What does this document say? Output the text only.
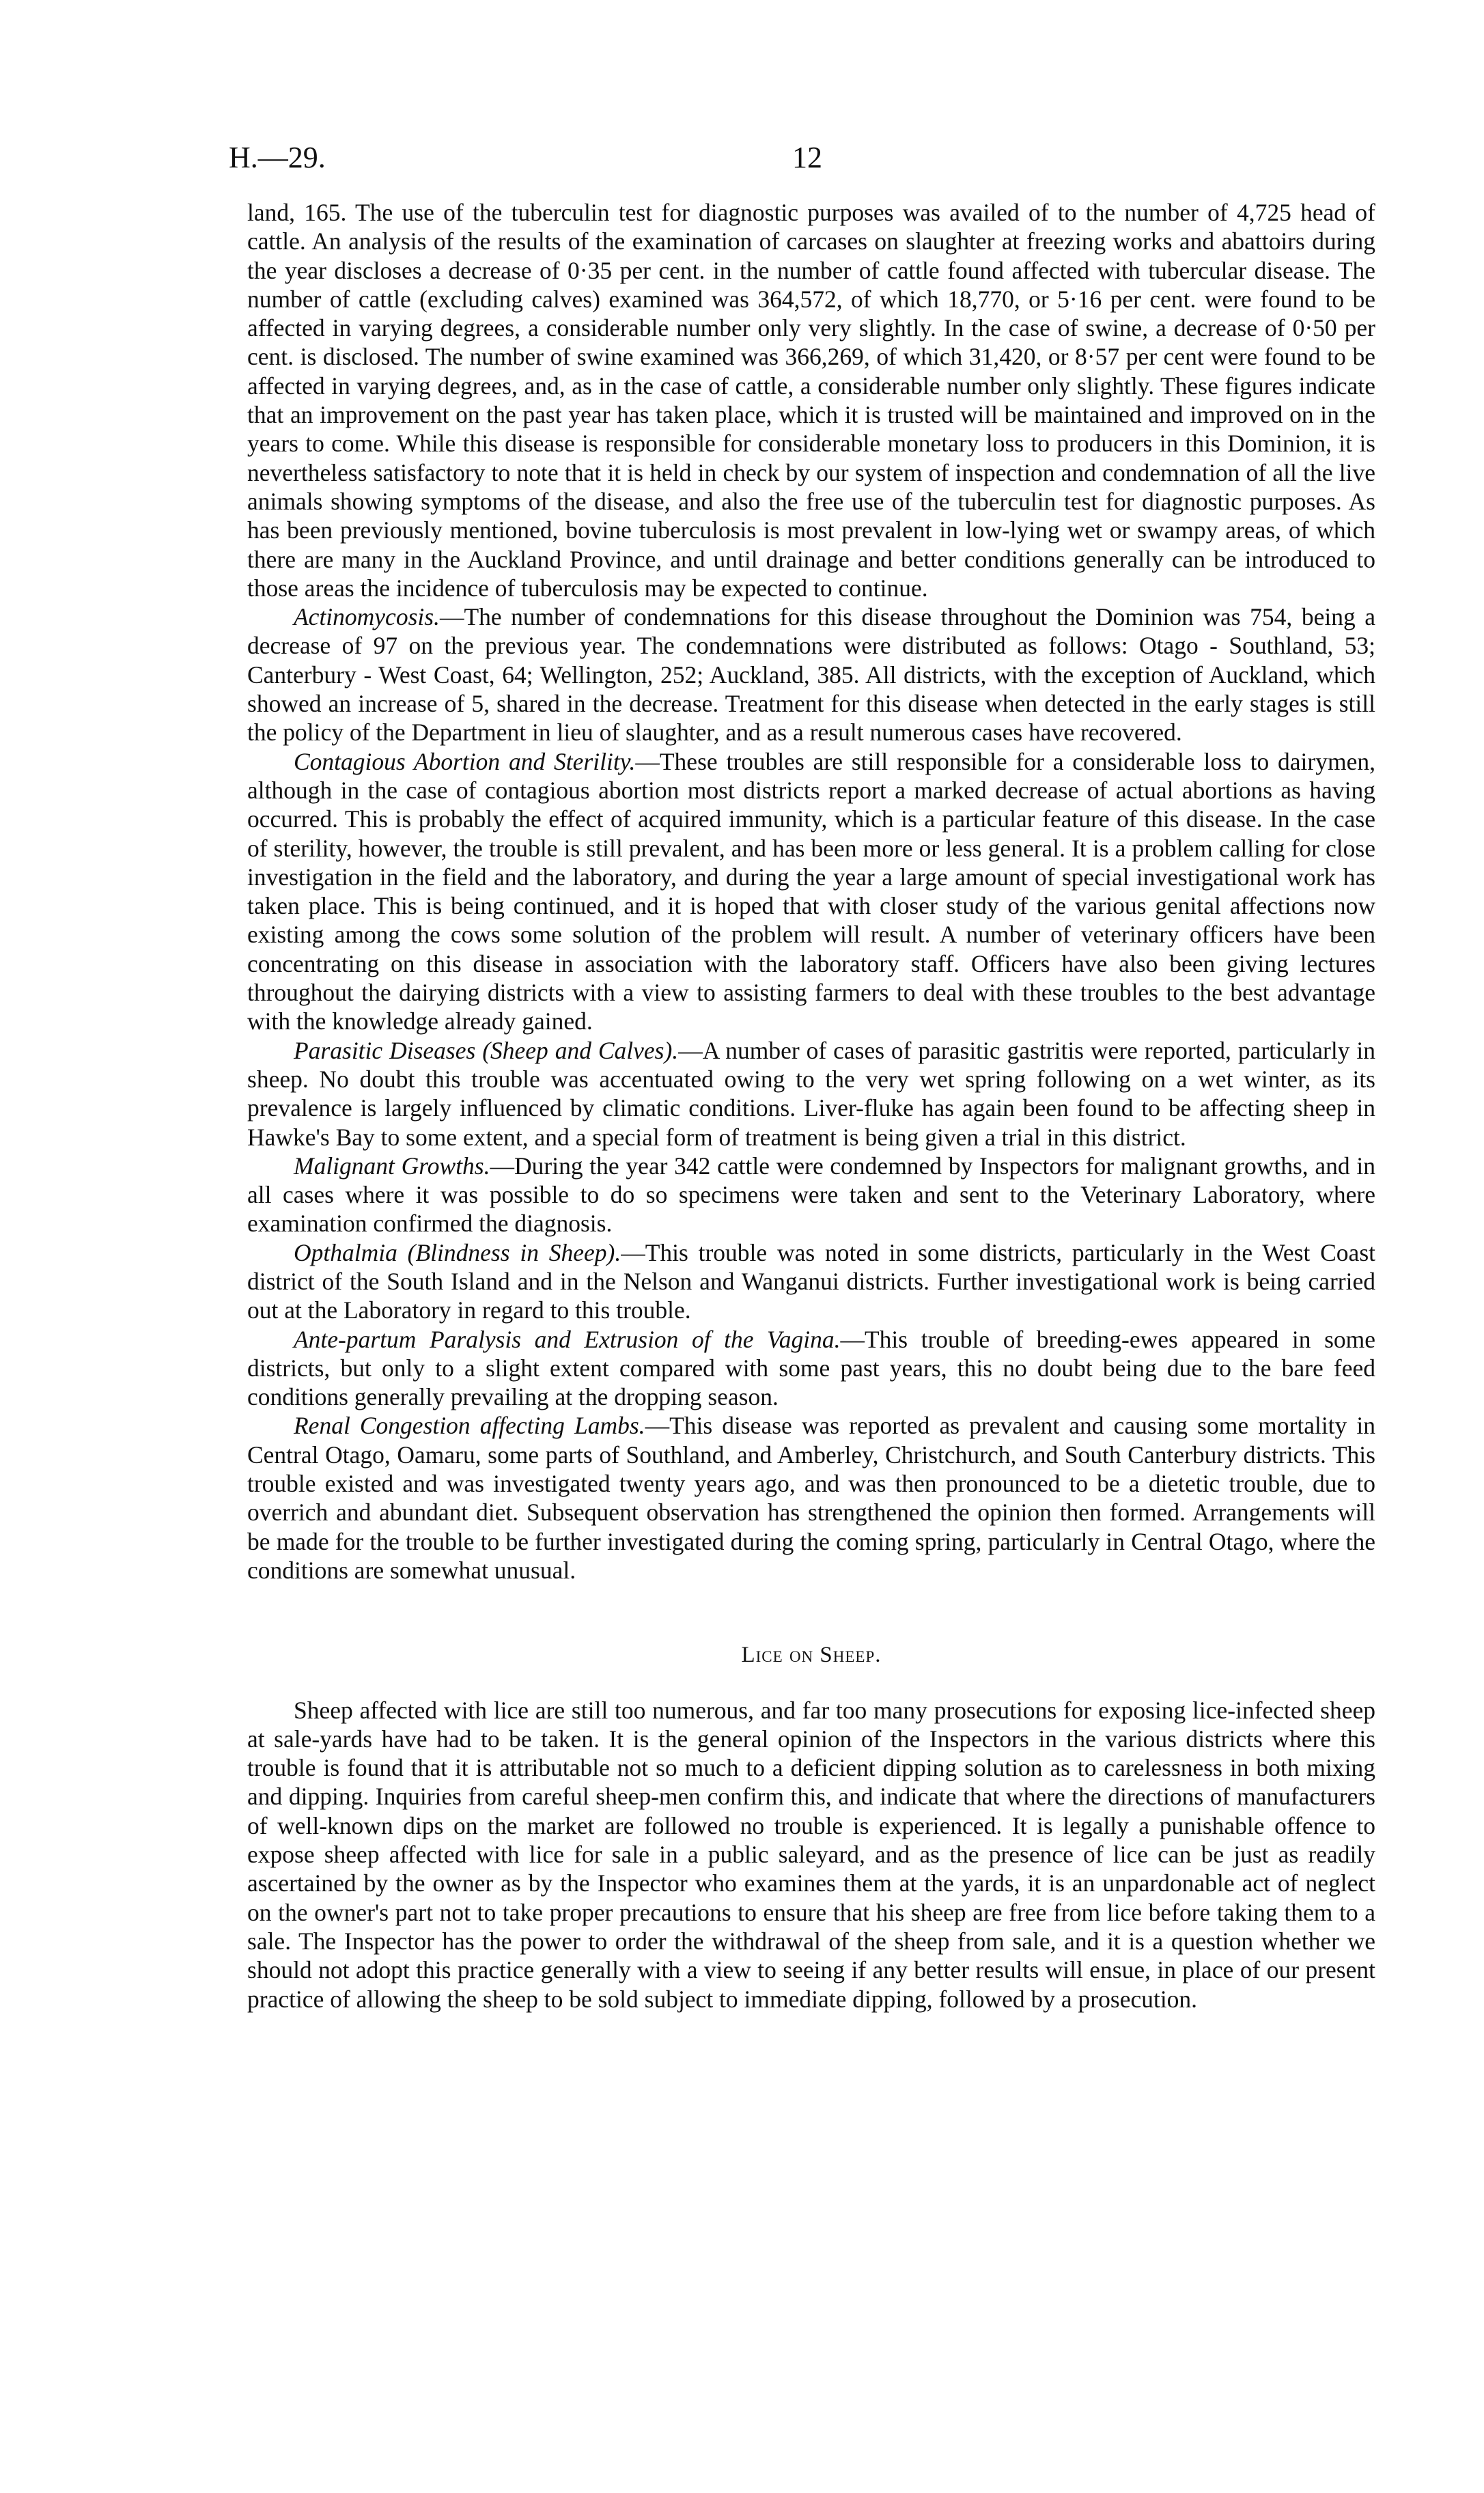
H.—29.	12

land, 165. The use of the tuberculin test for diagnostic purposes was availed of to the number of 4,725 head of cattle. An analysis of the results of the examination of carcases on slaughter at freezing works and abattoirs during the year discloses a decrease of 0·35 per cent. in the number of cattle found affected with tubercular disease. The number of cattle (excluding calves) examined was 364,572, of which 18,770, or 5·16 per cent. were found to be affected in varying degrees, a considerable number only very slightly. In the case of swine, a decrease of 0·50 per cent. is disclosed. The number of swine examined was 366,269, of which 31,420, or 8·57 per cent were found to be affected in varying degrees, and, as in the case of cattle, a considerable number only slightly. These figures indicate that an improvement on the past year has taken place, which it is trusted will be maintained and improved on in the years to come. While this disease is responsible for considerable monetary loss to producers in this Dominion, it is nevertheless satisfactory to note that it is held in check by our system of inspection and condemnation of all the live animals showing symptoms of the disease, and also the free use of the tuberculin test for diagnostic purposes. As has been previously mentioned, bovine tuberculosis is most prevalent in low-lying wet or swampy areas, of which there are many in the Auckland Province, and until drainage and better conditions generally can be introduced to those areas the incidence of tuberculosis may be expected to continue.

Actinomycosis.—The number of condemnations for this disease throughout the Dominion was 754, being a decrease of 97 on the previous year. The condemnations were distributed as follows: Otago - Southland, 53; Canterbury - West Coast, 64; Wellington, 252; Auckland, 385. All districts, with the exception of Auckland, which showed an increase of 5, shared in the decrease. Treatment for this disease when detected in the early stages is still the policy of the Department in lieu of slaughter, and as a result numerous cases have recovered.

Contagious Abortion and Sterility.—These troubles are still responsible for a considerable loss to dairymen, although in the case of contagious abortion most districts report a marked decrease of actual abortions as having occurred. This is probably the effect of acquired immunity, which is a particular feature of this disease. In the case of sterility, however, the trouble is still prevalent, and has been more or less general. It is a problem calling for close investigation in the field and the laboratory, and during the year a large amount of special investigational work has taken place. This is being continued, and it is hoped that with closer study of the various genital affections now existing among the cows some solution of the problem will result. A number of veterinary officers have been concentrating on this disease in association with the laboratory staff. Officers have also been giving lectures throughout the dairying districts with a view to assisting farmers to deal with these troubles to the best advantage with the knowledge already gained.

Parasitic Diseases (Sheep and Calves).—A number of cases of parasitic gastritis were reported, particularly in sheep. No doubt this trouble was accentuated owing to the very wet spring following on a wet winter, as its prevalence is largely influenced by climatic conditions. Liver-fluke has again been found to be affecting sheep in Hawke's Bay to some extent, and a special form of treatment is being given a trial in this district.

Malignant Growths.—During the year 342 cattle were condemned by Inspectors for malignant growths, and in all cases where it was possible to do so specimens were taken and sent to the Veterinary Laboratory, where examination confirmed the diagnosis.

Opthalmia (Blindness in Sheep).—This trouble was noted in some districts, particularly in the West Coast district of the South Island and in the Nelson and Wanganui districts. Further investigational work is being carried out at the Laboratory in regard to this trouble.

Ante-partum Paralysis and Extrusion of the Vagina.—This trouble of breeding-ewes appeared in some districts, but only to a slight extent compared with some past years, this no doubt being due to the bare feed conditions generally prevailing at the dropping season.

Renal Congestion affecting Lambs.—This disease was reported as prevalent and causing some mortality in Central Otago, Oamaru, some parts of Southland, and Amberley, Christchurch, and South Canterbury districts. This trouble existed and was investigated twenty years ago, and was then pronounced to be a dietetic trouble, due to overrich and abundant diet. Subsequent observation has strengthened the opinion then formed. Arrangements will be made for the trouble to be further investigated during the coming spring, particularly in Central Otago, where the conditions are somewhat unusual.

Lice on Sheep.

Sheep affected with lice are still too numerous, and far too many prosecutions for exposing lice-infected sheep at sale-yards have had to be taken. It is the general opinion of the Inspectors in the various districts where this trouble is found that it is attributable not so much to a deficient dipping solution as to carelessness in both mixing and dipping. Inquiries from careful sheep-men confirm this, and indicate that where the directions of manufacturers of well-known dips on the market are followed no trouble is experienced. It is legally a punishable offence to expose sheep affected with lice for sale in a public saleyard, and as the presence of lice can be just as readily ascertained by the owner as by the Inspector who examines them at the yards, it is an unpardonable act of neglect on the owner's part not to take proper precautions to ensure that his sheep are free from lice before taking them to a sale. The Inspector has the power to order the withdrawal of the sheep from sale, and it is a question whether we should not adopt this practice generally with a view to seeing if any better results will ensue, in place of our present practice of allowing the sheep to be sold subject to immediate dipping, followed by a prosecution.
